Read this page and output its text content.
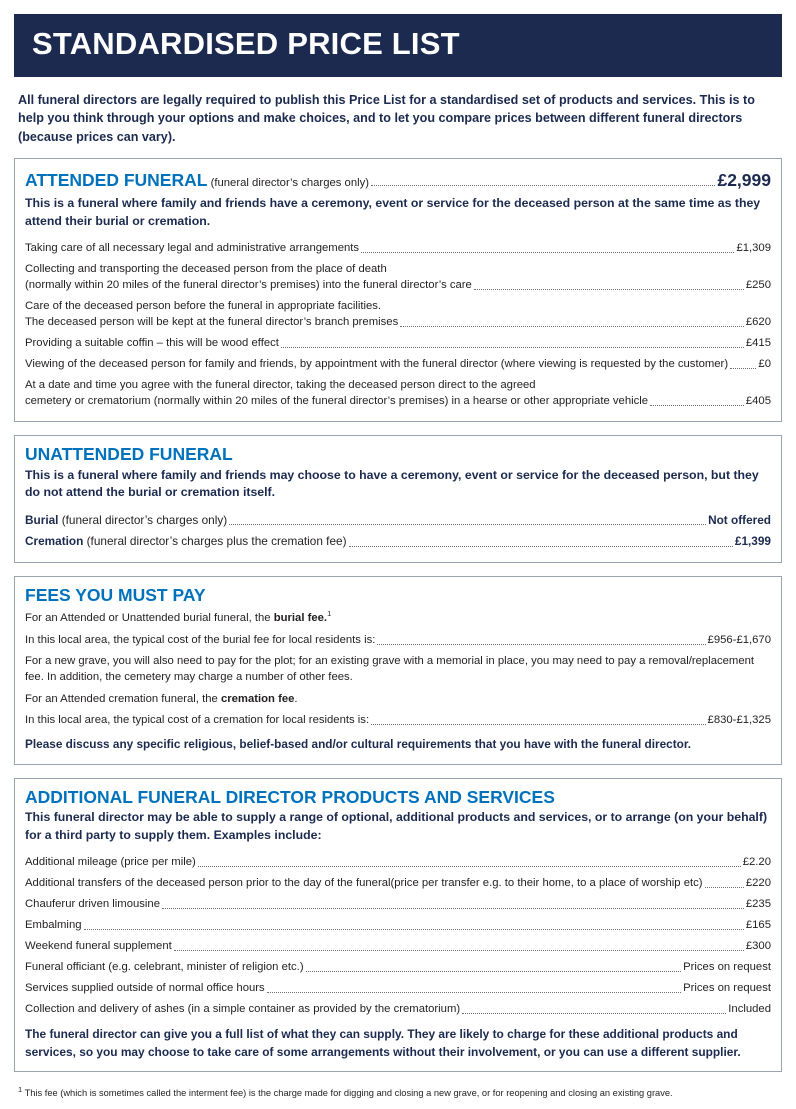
STANDARDISED PRICE LIST
All funeral directors are legally required to publish this Price List for a standardised set of products and services. This is to help you think through your options and make choices, and to let you compare prices between different funeral directors (because prices can vary).
ATTENDED FUNERAL (funeral director’s charges only)	£2,999
This is a funeral where family and friends have a ceremony, event or service for the deceased person at the same time as they attend their burial or cremation.
Taking care of all necessary legal and administrative arrangements	£1,309
Collecting and transporting the deceased person from the place of death
(normally within 20 miles of the funeral director’s premises) into the funeral director’s care	£250
Care of the deceased person before the funeral in appropriate facilities.
The deceased person will be kept at the funeral director’s branch premises	£620
Providing a suitable coffin – this will be wood effect	£415
Viewing of the deceased person for family and friends, by appointment with the funeral director (where viewing is requested by the customer)	£0
At a date and time you agree with the funeral director, taking the deceased person direct to the agreed
cemetery or crematorium (normally within 20 miles of the funeral director’s premises) in a hearse or other appropriate vehicle	£405
UNATTENDED FUNERAL
This is a funeral where family and friends may choose to have a ceremony, event or service for the deceased person, but they do not attend the burial or cremation itself.
Burial (funeral director’s charges only)	Not offered
Cremation (funeral director’s charges plus the cremation fee)	£1,399
FEES YOU MUST PAY
For an Attended or Unattended burial funeral, the burial fee.$^1$
In this local area, the typical cost of the burial fee for local residents is:	£956-£1,670
For a new grave, you will also need to pay for the plot; for an existing grave with a memorial in place, you may need to pay a removal/replacement fee. In addition, the cemetery may charge a number of other fees.
For an Attended cremation funeral, the cremation fee.
In this local area, the typical cost of a cremation for local residents is:	£830-£1,325
Please discuss any specific religious, belief-based and/or cultural requirements that you have with the funeral director.
ADDITIONAL FUNERAL DIRECTOR PRODUCTS AND SERVICES
This funeral director may be able to supply a range of optional, additional products and services, or to arrange (on your behalf) for a third party to supply them. Examples include:
Additional mileage (price per mile)	£2.20
Additional transfers of the deceased person prior to the day of the funeral(price per transfer e.g. to their home, to a place of worship etc)	£220
Chauferur driven limousine	£235
Embalming	£165
Weekend funeral supplement	£300
Funeral officiant (e.g. celebrant, minister of religion etc.)	Prices on request
Services supplied outside of normal office hours	Prices on request
Collection and delivery of ashes (in a simple container as provided by the crematorium)	Included
The funeral director can give you a full list of what they can supply. They are likely to charge for these additional products and services, so you may choose to take care of some arrangements without their involvement, or you can use a different supplier.
$^1$ This fee (which is sometimes called the interment fee) is the charge made for digging and closing a new grave, or for reopening and closing an existing grave.
